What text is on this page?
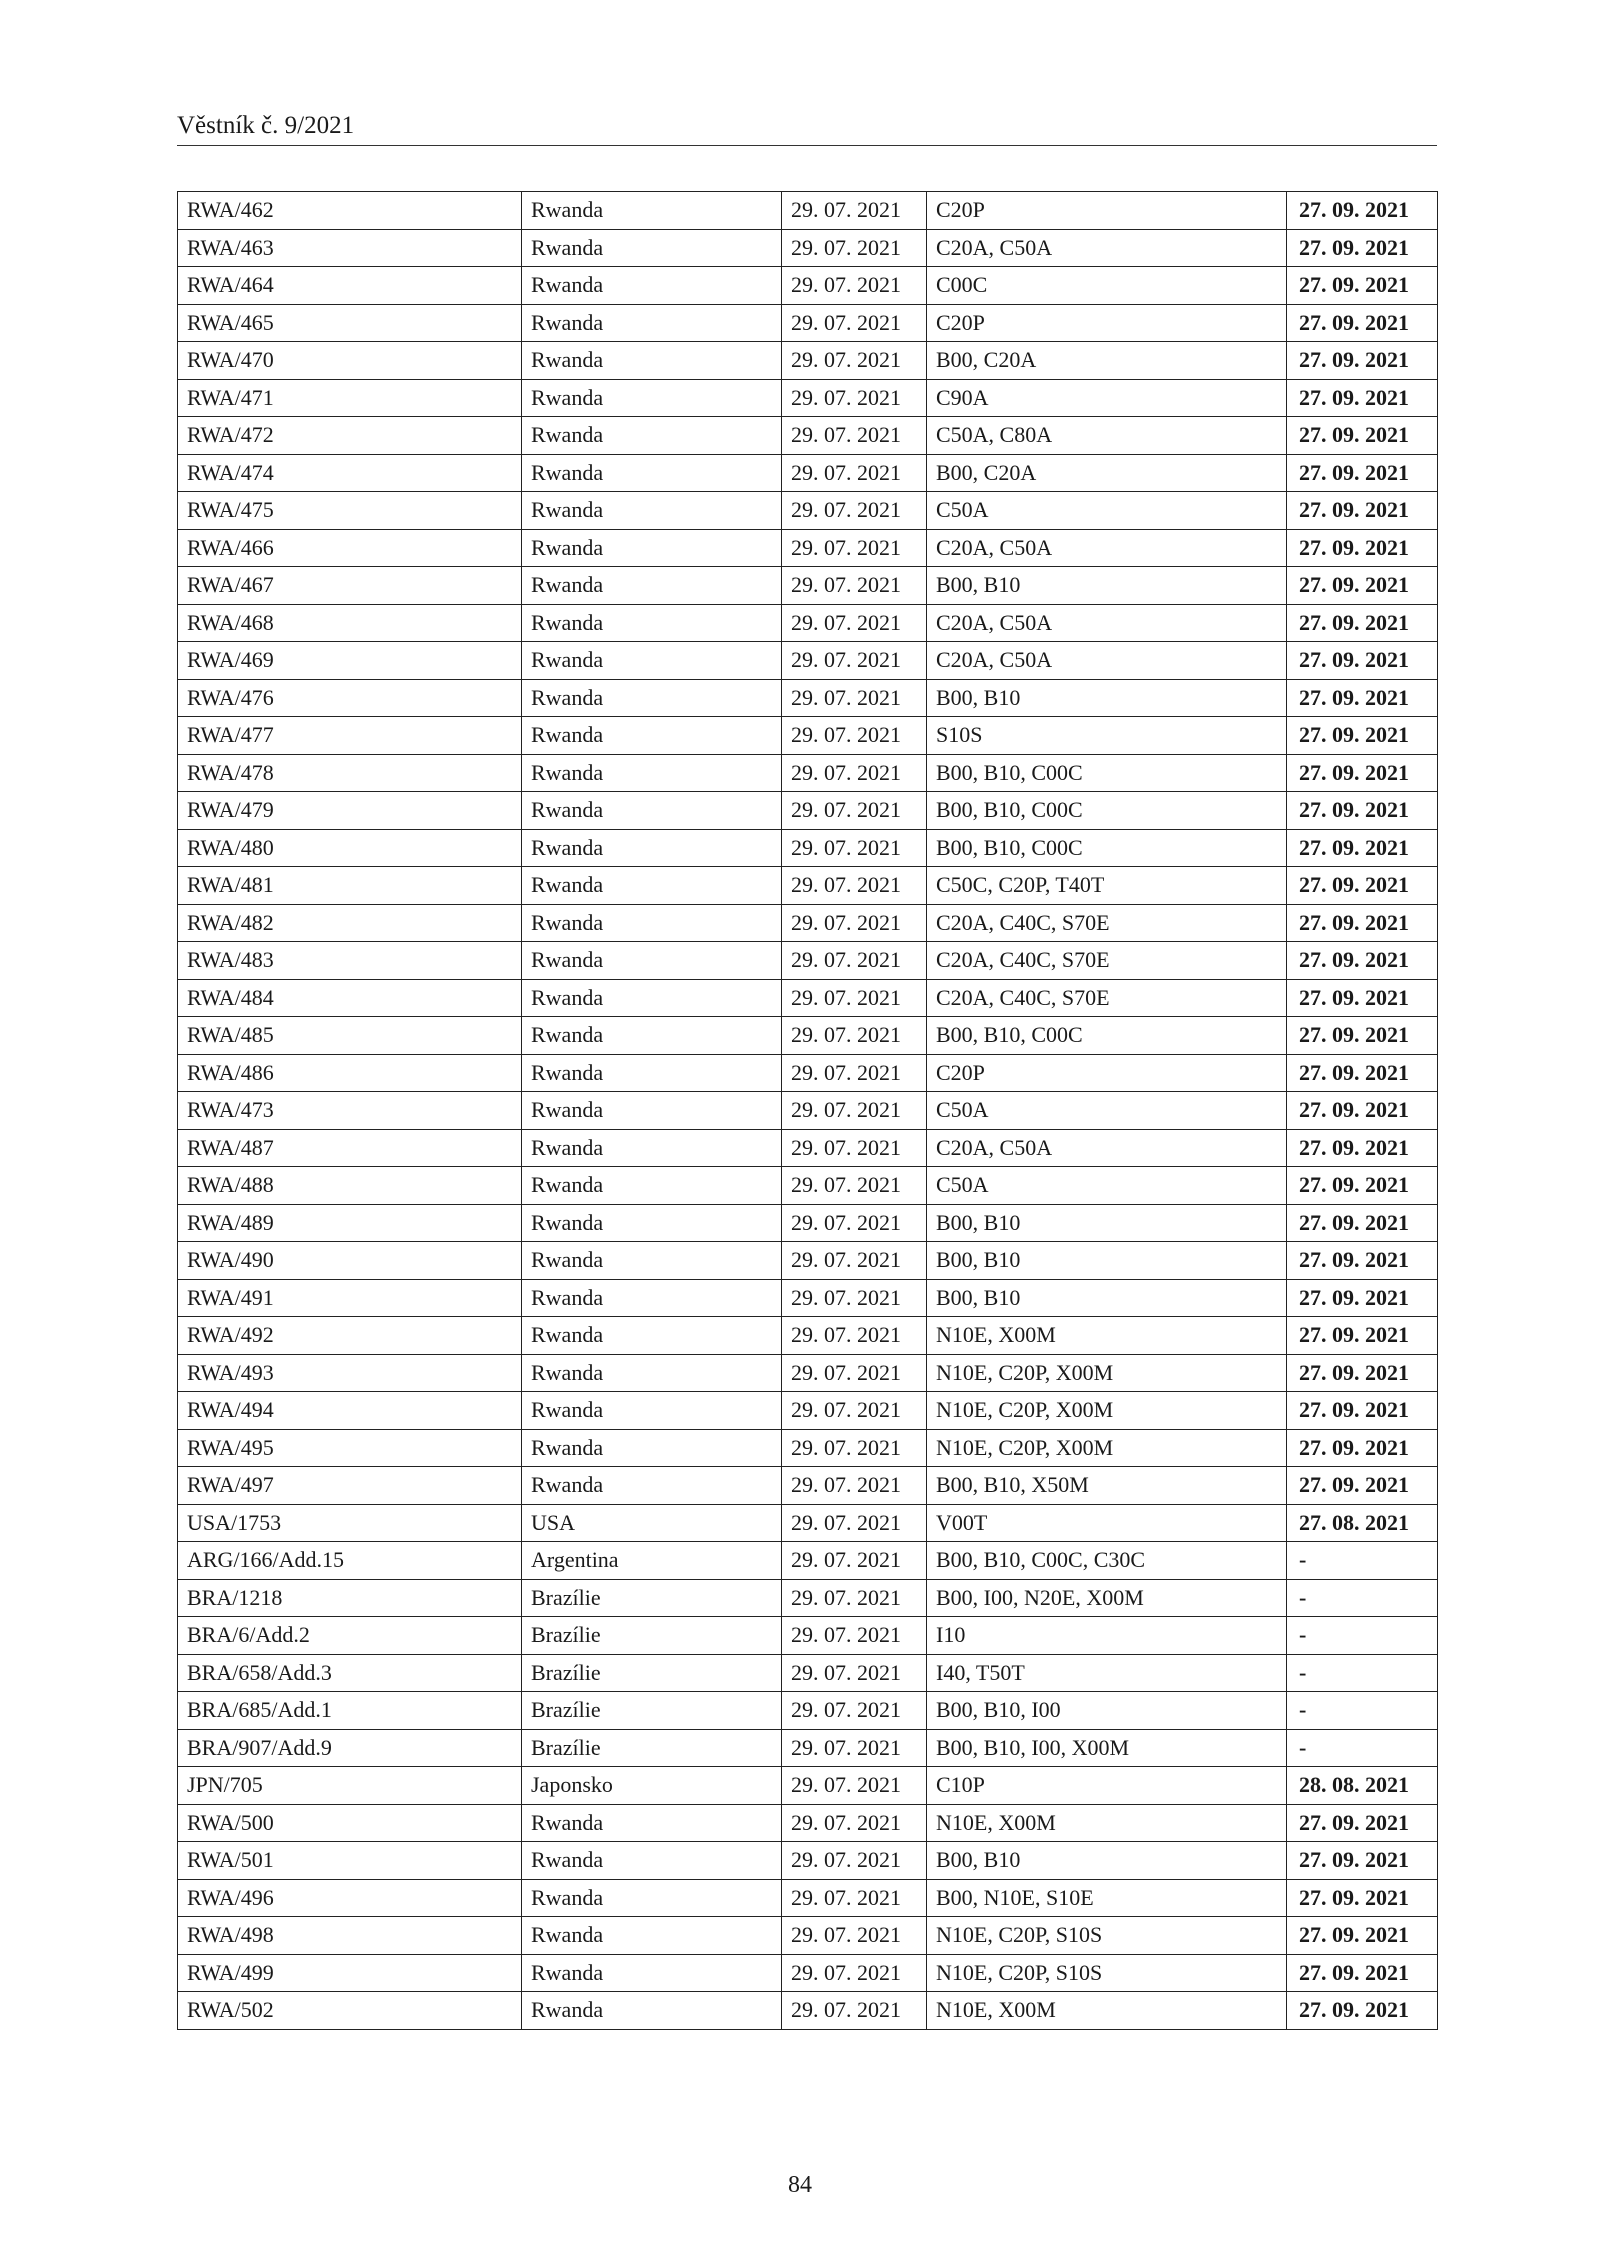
Věstník č. 9/2021
RWA/462	Rwanda	29. 07. 2021	C20P	27. 09. 2021
RWA/463	Rwanda	29. 07. 2021	C20A, C50A	27. 09. 2021
RWA/464	Rwanda	29. 07. 2021	C00C	27. 09. 2021
RWA/465	Rwanda	29. 07. 2021	C20P	27. 09. 2021
RWA/470	Rwanda	29. 07. 2021	B00, C20A	27. 09. 2021
RWA/471	Rwanda	29. 07. 2021	C90A	27. 09. 2021
RWA/472	Rwanda	29. 07. 2021	C50A, C80A	27. 09. 2021
RWA/474	Rwanda	29. 07. 2021	B00, C20A	27. 09. 2021
RWA/475	Rwanda	29. 07. 2021	C50A	27. 09. 2021
RWA/466	Rwanda	29. 07. 2021	C20A, C50A	27. 09. 2021
RWA/467	Rwanda	29. 07. 2021	B00, B10	27. 09. 2021
RWA/468	Rwanda	29. 07. 2021	C20A, C50A	27. 09. 2021
RWA/469	Rwanda	29. 07. 2021	C20A, C50A	27. 09. 2021
RWA/476	Rwanda	29. 07. 2021	B00, B10	27. 09. 2021
RWA/477	Rwanda	29. 07. 2021	S10S	27. 09. 2021
RWA/478	Rwanda	29. 07. 2021	B00, B10, C00C	27. 09. 2021
RWA/479	Rwanda	29. 07. 2021	B00, B10, C00C	27. 09. 2021
RWA/480	Rwanda	29. 07. 2021	B00, B10, C00C	27. 09. 2021
RWA/481	Rwanda	29. 07. 2021	C50C, C20P, T40T	27. 09. 2021
RWA/482	Rwanda	29. 07. 2021	C20A, C40C, S70E	27. 09. 2021
RWA/483	Rwanda	29. 07. 2021	C20A, C40C, S70E	27. 09. 2021
RWA/484	Rwanda	29. 07. 2021	C20A, C40C, S70E	27. 09. 2021
RWA/485	Rwanda	29. 07. 2021	B00, B10, C00C	27. 09. 2021
RWA/486	Rwanda	29. 07. 2021	C20P	27. 09. 2021
RWA/473	Rwanda	29. 07. 2021	C50A	27. 09. 2021
RWA/487	Rwanda	29. 07. 2021	C20A, C50A	27. 09. 2021
RWA/488	Rwanda	29. 07. 2021	C50A	27. 09. 2021
RWA/489	Rwanda	29. 07. 2021	B00, B10	27. 09. 2021
RWA/490	Rwanda	29. 07. 2021	B00, B10	27. 09. 2021
RWA/491	Rwanda	29. 07. 2021	B00, B10	27. 09. 2021
RWA/492	Rwanda	29. 07. 2021	N10E, X00M	27. 09. 2021
RWA/493	Rwanda	29. 07. 2021	N10E, C20P, X00M	27. 09. 2021
RWA/494	Rwanda	29. 07. 2021	N10E, C20P, X00M	27. 09. 2021
RWA/495	Rwanda	29. 07. 2021	N10E, C20P, X00M	27. 09. 2021
RWA/497	Rwanda	29. 07. 2021	B00, B10, X50M	27. 09. 2021
USA/1753	USA	29. 07. 2021	V00T	27. 08. 2021
ARG/166/Add.15	Argentina	29. 07. 2021	B00, B10, C00C, C30C	-
BRA/1218	Brazílie	29. 07. 2021	B00, I00, N20E, X00M	-
BRA/6/Add.2	Brazílie	29. 07. 2021	I10	-
BRA/658/Add.3	Brazílie	29. 07. 2021	I40, T50T	-
BRA/685/Add.1	Brazílie	29. 07. 2021	B00, B10, I00	-
BRA/907/Add.9	Brazílie	29. 07. 2021	B00, B10, I00, X00M	-
JPN/705	Japonsko	29. 07. 2021	C10P	28. 08. 2021
RWA/500	Rwanda	29. 07. 2021	N10E, X00M	27. 09. 2021
RWA/501	Rwanda	29. 07. 2021	B00, B10	27. 09. 2021
RWA/496	Rwanda	29. 07. 2021	B00, N10E, S10E	27. 09. 2021
RWA/498	Rwanda	29. 07. 2021	N10E, C20P, S10S	27. 09. 2021
RWA/499	Rwanda	29. 07. 2021	N10E, C20P, S10S	27. 09. 2021
RWA/502	Rwanda	29. 07. 2021	N10E, X00M	27. 09. 2021
84
